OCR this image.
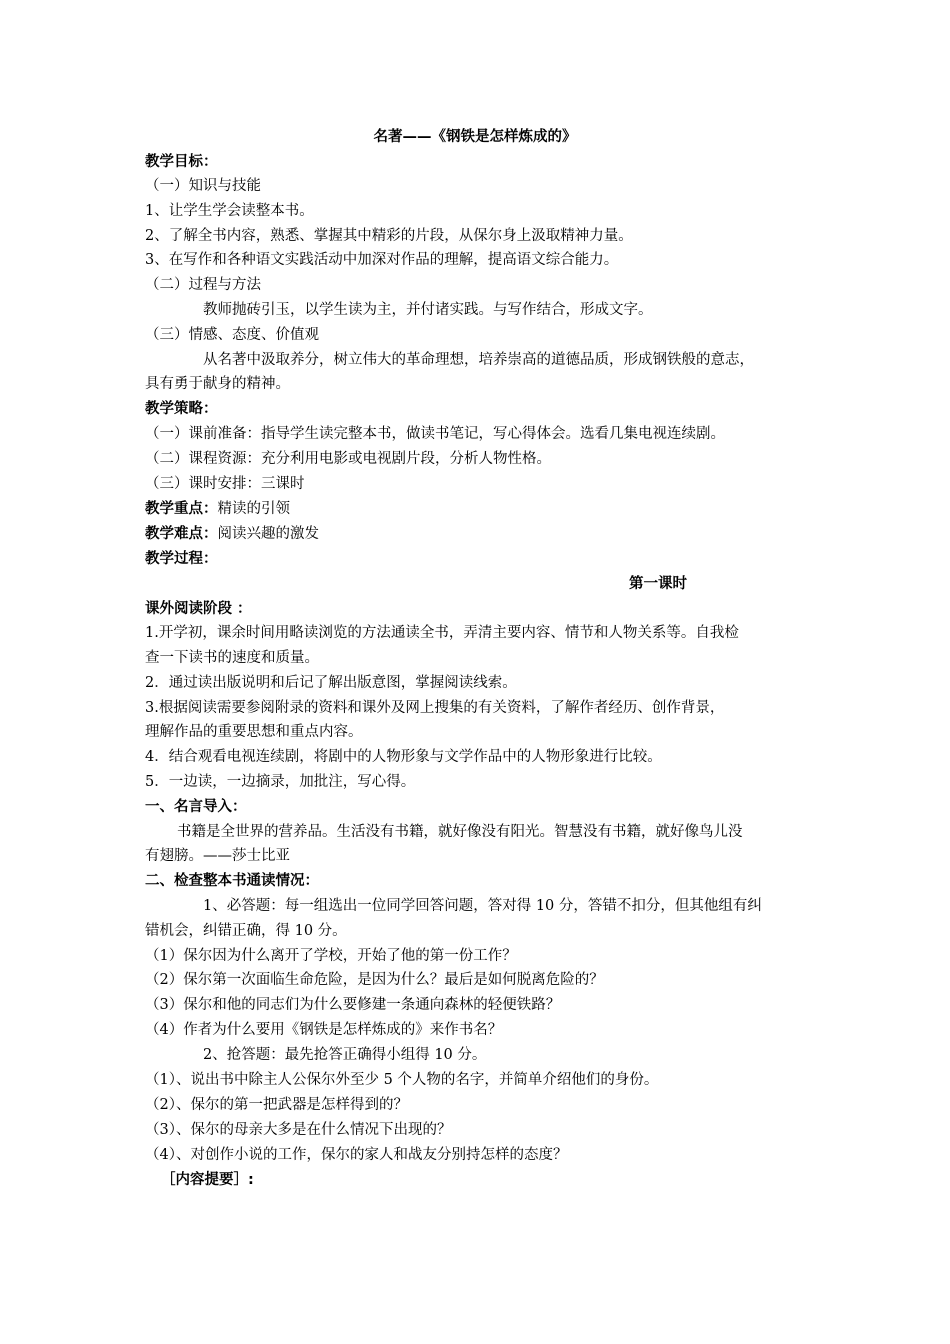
名著——《钢铁是怎样炼成的》
教学目标：
（一）知识与技能
1、让学生学会读整本书。
2、了解全书内容，熟悉、掌握其中精彩的片段，从保尔身上汲取精神力量。
3、在写作和各种语文实践活动中加深对作品的理解，提高语文综合能力。
（二）过程与方法
教师抛砖引玉，以学生读为主，并付诸实践。与写作结合，形成文字。
（三）情感、态度、价值观
从名著中汲取养分，树立伟大的革命理想，培养崇高的道德品质，形成钢铁般的意志，
具有勇于献身的精神。
教学策略：
（一）课前准备：指导学生读完整本书，做读书笔记，写心得体会。选看几集电视连续剧。
（二）课程资源：充分利用电影或电视剧片段，分析人物性格。
（三）课时安排：三课时
教学重点：精读的引领
教学难点：阅读兴趣的激发
教学过程：
第一课时
课外阅读阶段 ：
1.开学初，课余时间用略读浏览的方法通读全书，弄清主要内容、情节和人物关系等。自我检
查一下读书的速度和质量。
2．通过读出版说明和后记了解出版意图，掌握阅读线索。
3.根据阅读需要参阅附录的资料和课外及网上搜集的有关资料，了解作者经历、创作背景，
理解作品的重要思想和重点内容。
4．结合观看电视连续剧，将剧中的人物形象与文学作品中的人物形象进行比较。
5．一边读，一边摘录，加批注，写心得。
一、名言导入：
书籍是全世界的营养品。生活没有书籍，就好像没有阳光。智慧没有书籍，就好像鸟儿没
有翅膀。——莎士比亚
二、检查整本书通读情况：
1、必答题：每一组选出一位同学回答问题，答对得 10 分，答错不扣分，但其他组有纠
错机会，纠错正确，得 10 分。
（1）保尔因为什么离开了学校，开始了他的第一份工作？
（2）保尔第一次面临生命危险，是因为什么？最后是如何脱离危险的？
（3）保尔和他的同志们为什么要修建一条通向森林的轻便铁路？
（4）作者为什么要用《钢铁是怎样炼成的》来作书名？
2、抢答题：最先抢答正确得小组得 10 分。
（1）、说出书中除主人公保尔外至少 5 个人物的名字，并简单介绍他们的身份。
（2）、保尔的第一把武器是怎样得到的？
（3）、保尔的母亲大多是在什么情况下出现的？
（4）、对创作小说的工作，保尔的家人和战友分别持怎样的态度？
［内容提要］:
